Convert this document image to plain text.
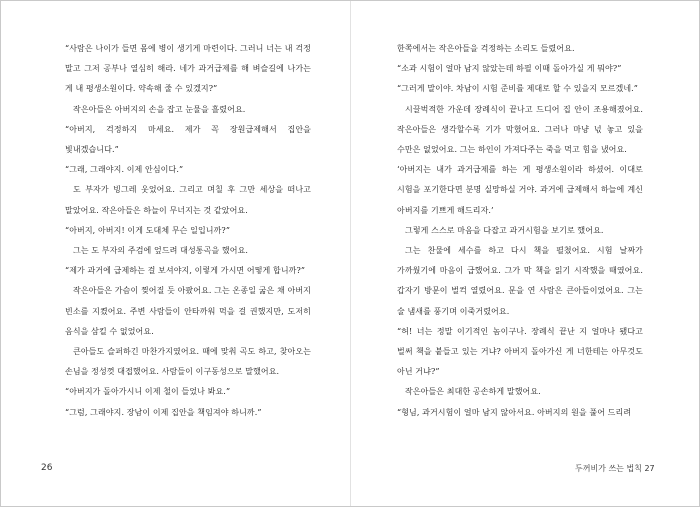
“사람은 나이가 들면 몸에 병이 생기게 마련이다. 그러니 너는 내 걱정 말고 그저 공부나 열심히 해라. 네가 과거급제를 해 벼슬길에 나가는 게 내 평생소원이다. 약속해 줄 수 있겠지?”

작은아들은 아버지의 손을 잡고 눈물을 흘렸어요.

“아버지, 걱정하지 마세요. 제가 꼭 장원급제해서 집안을 빛내겠습니다.”

“그래, 그래야지. 이제 안심이다.”

도 부자가 빙그레 웃었어요. 그리고 며칠 후 그만 세상을 떠나고 말았어요. 작은아들은 하늘이 무너지는 것 같았어요.

“아버지, 아버지! 이게 도대체 무슨 일입니까?”

그는 도 부자의 주검에 엎드려 대성통곡을 했어요.

“제가 과거에 급제하는 걸 보셔야지, 이렇게 가시면 어떻게 합니까?”

작은아들은 가슴이 찢어질 듯 아팠어요. 그는 온종일 굶은 채 아버지 빈소를 지켰어요. 주변 사람들이 안타까워 먹을 걸 권했지만, 도저히 음식을 삼킬 수 없었어요.

큰아들도 슬퍼하긴 마찬가지였어요. 때에 맞춰 곡도 하고, 찾아오는 손님을 정성껏 대접했어요. 사람들이 이구동성으로 말했어요.

“아버지가 돌아가시니 이제 철이 들었나 봐요.”

“그럼, 그래야지. 장남이 이제 집안을 책임져야 하니까.”

한쪽에서는 작은아들을 걱정하는 소리도 들렸어요.

“소과 시험이 얼마 남지 않았는데 하필 이때 돌아가실 게 뭐야?”

“그러게 말이야. 차남이 시험 준비를 제대로 할 수 있을지 모르겠네.”

시끌벅적한 가운데 장례식이 끝나고 드디어 집 안이 조용해졌어요. 작은아들은 생각할수록 기가 막혔어요. 그러나 마냥 넋 놓고 있을 수만은 없었어요. 그는 하인이 가져다주는 죽을 먹고 힘을 냈어요.

‘아버지는 내가 과거급제를 하는 게 평생소원이라 하셨어. 이대로 시험을 포기한다면 분명 실망하실 거야. 과거에 급제해서 하늘에 계신 아버지를 기쁘게 해드리자.’

그렇게 스스로 마음을 다잡고 과거시험을 보기로 했어요.

그는 찬물에 세수를 하고 다시 책을 펼쳤어요. 시험 날짜가 가까웠기에 마음이 급했어요. 그가 막 책을 읽기 시작했을 때였어요. 갑자기 방문이 벌컥 열렸어요. 문을 연 사람은 큰아들이었어요. 그는 술 냄새를 풍기며 이죽거렸어요.

“허! 너는 정말 이기적인 놈이구나. 장례식 끝난 지 얼마나 됐다고 벌써 책을 붙들고 있는 거냐? 아버지 돌아가신 게 너한테는 아무것도 아닌 거냐?”

작은아들은 최대한 공손하게 말했어요.

“형님, 과거시험이 얼마 남지 않아서요. 아버지의 원을 풀어 드리려

26	두꺼비가 쓰는 법칙 27
